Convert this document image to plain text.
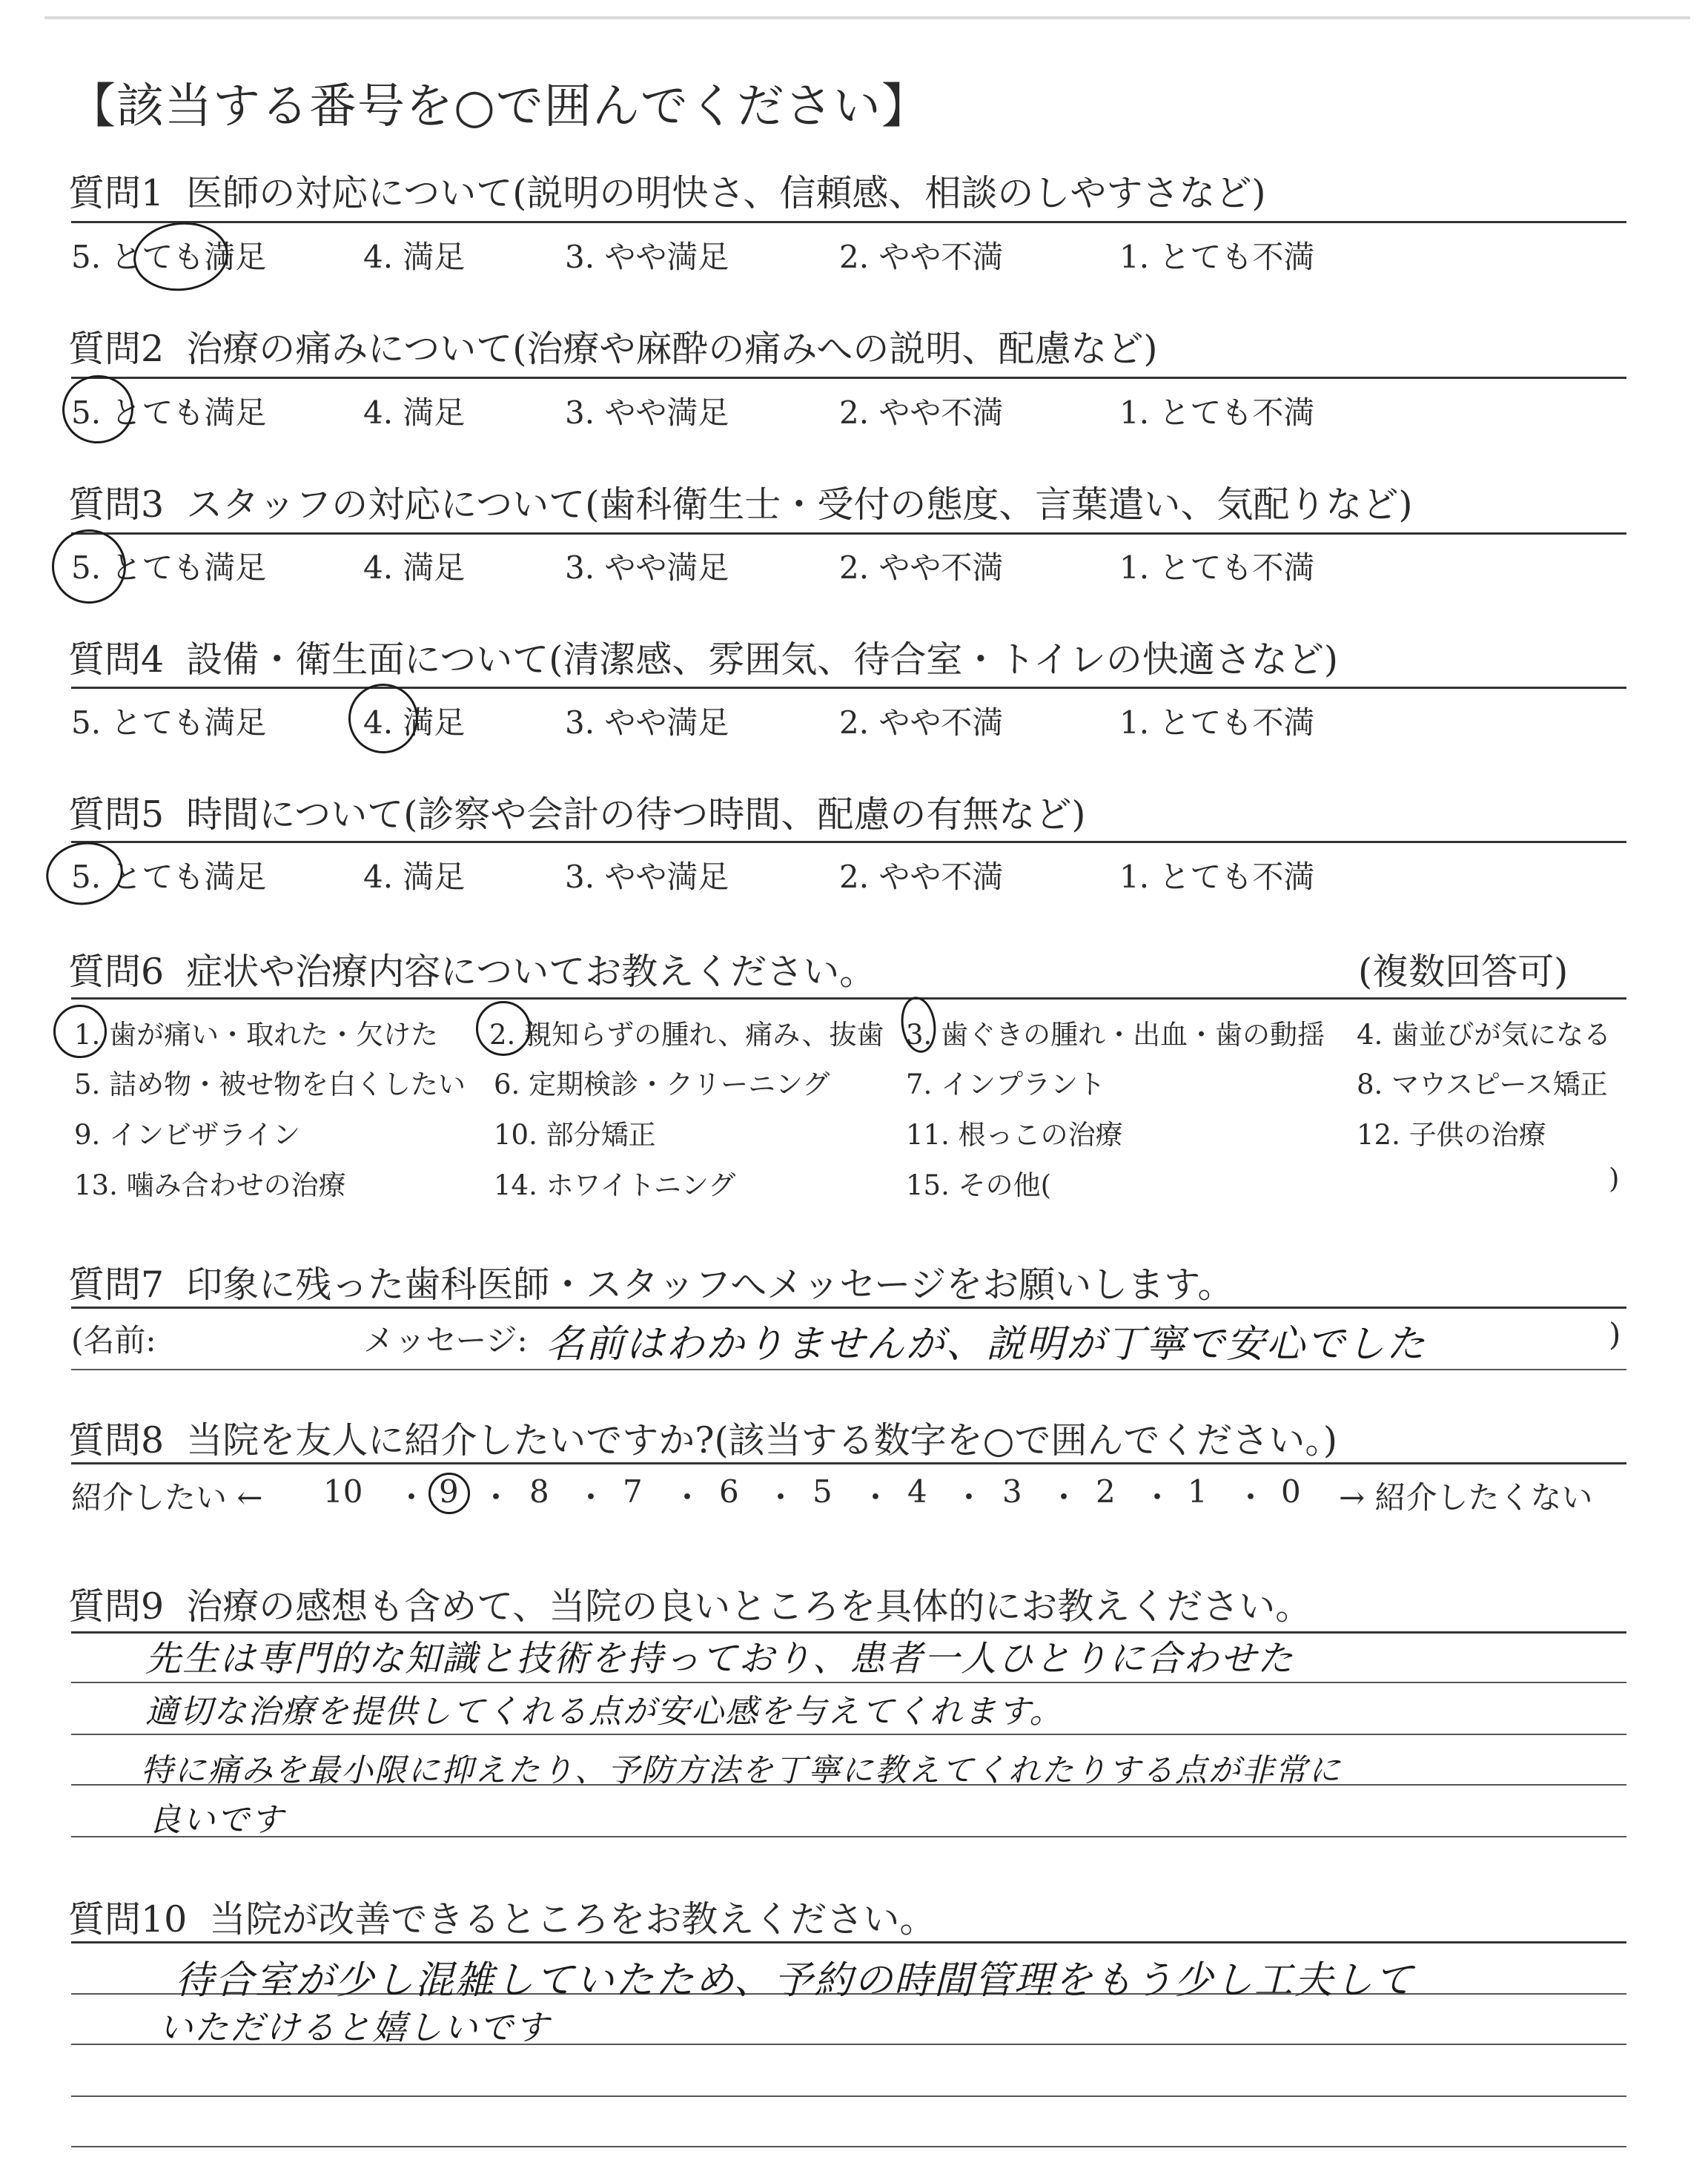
【該当する番号を○で囲んでください】
質問1 医師の対応について(説明の明快さ、信頼感、相談のしやすさなど)
5. とても満足	4. 満足	3. やや満足	2. やや不満	1. とても不満
質問2 治療の痛みについて(治療や麻酔の痛みへの説明、配慮など)
5. とても満足	4. 満足	3. やや満足	2. やや不満	1. とても不満
質問3 スタッフの対応について(歯科衛生士・受付の態度、言葉遣い、気配りなど)
5. とても満足	4. 満足	3. やや満足	2. やや不満	1. とても不満
質問4 設備・衛生面について(清潔感、雰囲気、待合室・トイレの快適さなど)
5. とても満足	4. 満足	3. やや満足	2. やや不満	1. とても不満
質問5 時間について(診察や会計の待つ時間、配慮の有無など)
5. とても満足	4. 満足	3. やや満足	2. やや不満	1. とても不満
質問6 症状や治療内容についてお教えください。	(複数回答可)
1. 歯が痛い・取れた・欠けた 2. 親知らずの腫れ、痛み、抜歯 3. 歯ぐきの腫れ・出血・歯の動揺 4. 歯並びが気になる
5. 詰め物・被せ物を白くしたい 6. 定期検診・クリーニング	7. インプラント	8. マウスピース矯正
9. インビザライン	10. 部分矯正	11. 根っこの治療	12. 子供の治療
13. 噛み合わせの治療	14. ホワイトニング	15. その他(	)
質問7 印象に残った歯科医師・スタッフへメッセージをお願いします。
(名前:	メッセージ: 名前はわかりませんが、説明が丁寧で安心でした	)
質問8 当院を友人に紹介したいですか?(該当する数字を○で囲んでください。)
紹介したい ← 10 ・ 9 ・ 8 ・ 7 ・ 6 ・ 5 ・ 4 ・ 3 ・ 2 ・ 1 ・ 0 → 紹介したくない
質問9 治療の感想も含めて、当院の良いところを具体的にお教えください。
先生は専門的な知識と技術を持っており、患者一人ひとりに合わせた
適切な治療を提供してくれる点が安心感を与えてくれます。
特に痛みを最小限に抑えたり、予防方法を丁寧に教えてくれたりする点が非常に
良いです
質問10 当院が改善できるところをお教えください。
待合室が少し混雑していたため、予約の時間管理をもう少し工夫して
いただけると嬉しいです
